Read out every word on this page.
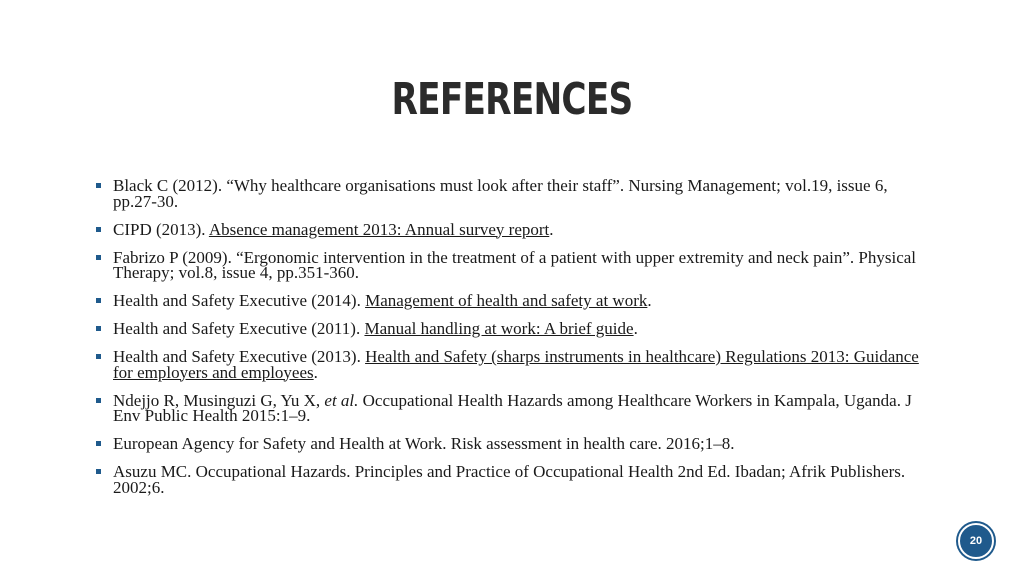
REFERENCES
Black C (2012). “Why healthcare organisations must look after their staff”. Nursing Management; vol.19, issue 6, pp.27-30.
CIPD (2013). Absence management 2013: Annual survey report.
Fabrizo P (2009). “Ergonomic intervention in the treatment of a patient with upper extremity and neck pain”. Physical Therapy; vol.8, issue 4, pp.351-360.
Health and Safety Executive (2014). Management of health and safety at work.
Health and Safety Executive (2011). Manual handling at work: A brief guide.
Health and Safety Executive (2013). Health and Safety (sharps instruments in healthcare) Regulations 2013: Guidance for employers and employees.
Ndejjo R, Musinguzi G, Yu X, et al. Occupational Health Hazards among Healthcare Workers in Kampala, Uganda. J Env Public Health 2015:1–9.
European Agency for Safety and Health at Work. Risk assessment in health care. 2016;1–8.
Asuzu MC. Occupational Hazards. Principles and Practice of Occupational Health 2nd Ed. Ibadan; Afrik Publishers. 2002;6.
20
